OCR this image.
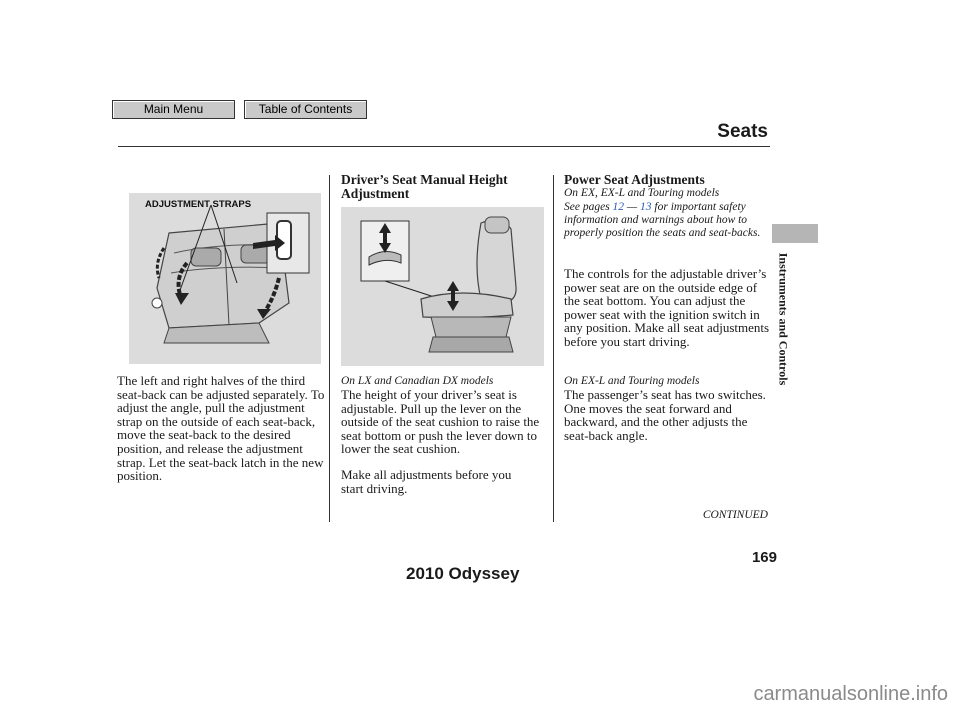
Main Menu	Table of Contents
Seats
ADJUSTMENT STRAPS
The left and right halves of the third seat-back can be adjusted separately. To adjust the angle, pull the adjustment strap on the outside of each seat-back, move the seat-back to the desired position, and release the adjustment strap. Let the seat-back latch in the new position.
Driver’s Seat Manual Height
Adjustment
On LX and Canadian DX models
The height of your driver’s seat is adjustable. Pull up the lever on the outside of the seat cushion to raise the seat bottom or push the lever down to lower the seat cushion.
Make all adjustments before you start driving.
Power Seat Adjustments
On EX, EX-L and Touring models
See pages 12 — 13 for important safety information and warnings about how to properly position the seats and seat-backs.
The controls for the adjustable driver’s power seat are on the outside edge of the seat bottom. You can adjust the power seat with the ignition switch in any position. Make all seat adjustments before you start driving.
On EX-L and Touring models
The passenger’s seat has two switches. One moves the seat forward and backward, and the other adjusts the seat-back angle.
Instruments and Controls
CONTINUED
169
2010 Odyssey
carmanualsonline.info
